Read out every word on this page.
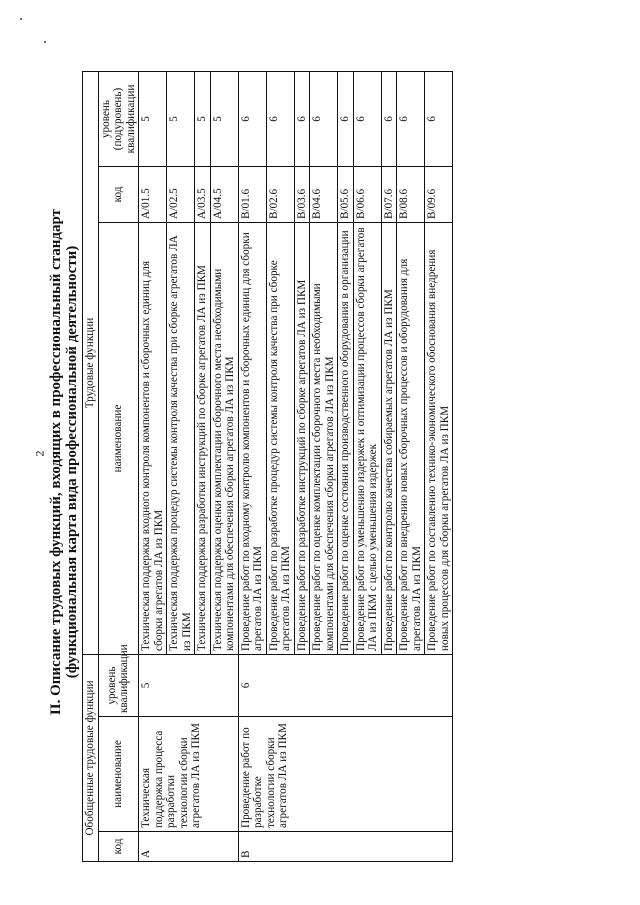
2 II. Описание трудовых функций, входящих в профессиональный стандарт (функциональная карта вида профессиональной деятельности)
Обобщенные трудовые функции			Трудовые функции		
код	наименование	уровень квалификации	наименование	код	уровень (подуровень) квалификации
А	Техническая поддержка процесса разработки технологии сборки агрегатов ЛА из ПКМ	5	Техническая поддержка входного контроля компонентов и сборочных единиц для сборки агрегатов ЛА из ПКМ	А/01.5	5
			Техническая поддержка процедур системы контроля качества при сборке агрегатов ЛА из ПКМ	А/02.5	5
			Техническая поддержка разработки инструкций по сборке агрегатов ЛА из ПКМ	А/03.5	5
			Техническая поддержка оценки комплектации сборочного места необходимыми компонентами для обеспечения сборки агрегатов ЛА из ПКМ	А/04.5	5
В	Проведение работ по разработке технологии сборки агрегатов ЛА из ПКМ	6	Проведение работ по входному контролю компонентов и сборочных единиц для сборки агрегатов ЛА из ПКМ	В/01.6	6
			Проведение работ по разработке процедур системы контроля качества при сборке агрегатов ЛА из ПКМ	В/02.6	6
			Проведение работ по разработке инструкций по сборке агрегатов ЛА из ПКМ	В/03.6	6
			Проведение работ по оценке комплектации сборочного места необходимыми компонентами для обеспечения сборки агрегатов ЛА из ПКМ	В/04.6	6
			Проведение работ по оценке состояния производственного оборудования в организации	В/05.6	6
			Проведение работ по уменьшению издержек и оптимизации процессов сборки агрегатов ЛА из ПКМ с целью уменьшения издержек	В/06.6	6
			Проведение работ по контролю качества собираемых агрегатов ЛА из ПКМ	В/07.6	6
			Проведение работ по внедрению новых сборочных процессов и оборудования для агрегатов ЛА из ПКМ	В/08.6	6
			Проведение работ по составлению технико-экономического обоснования внедрения новых процессов для сборки агрегатов ЛА из ПКМ	В/09.6	6
